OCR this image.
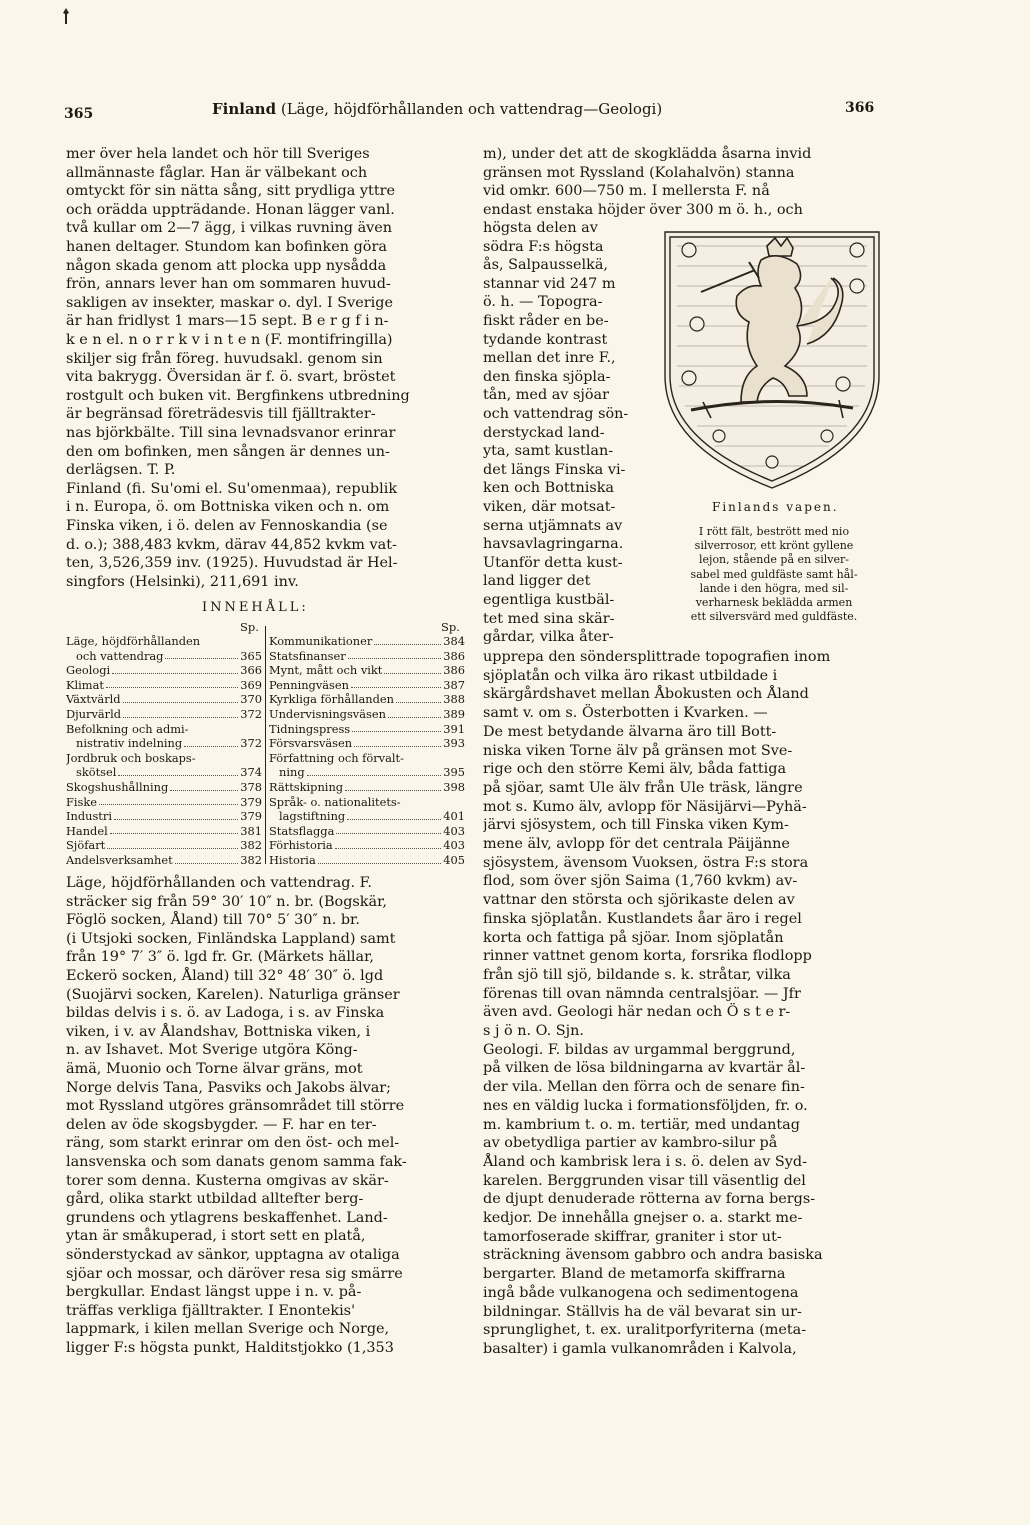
365	Finland (Läge, höjdförhållanden och vattendrag—Geologi)	366
mer över hela landet och hör till Sveriges
allmännaste fåglar. Han är välbekant och
omtyckt för sin nätta sång, sitt prydliga yttre
och orädda uppträdande. Honan lägger vanl.
två kullar om 2—7 ägg, i vilkas ruvning även
hanen deltager. Stundom kan bofinken göra
någon skada genom att plocka upp nysådda
frön, annars lever han om sommaren huvud-
sakligen av insekter, maskar o. dyl. I Sverige
är han fridlyst 1 mars—15 sept. B e r g f i n-
k e n el. n o r r k v i n t e n (F. montifringilla)
skiljer sig från föreg. huvudsakl. genom sin
vita bakrygg. Översidan är f. ö. svart, bröstet
rostgult och buken vit. Bergfinkens utbredning
är begränsad företrädesvis till fjälltrakter-
nas björkbälte. Till sina levnadsvanor erinrar
den om bofinken, men sången är dennes un-
derlägsen. T. P.
Finland (fi. Su'omi el. Su'omenmaa), republik
i n. Europa, ö. om Bottniska viken och n. om
Finska viken, i ö. delen av Fennoskandia (se
d. o.); 388,483 kvkm, därav 44,852 kvkm vat-
ten, 3,526,359 inv. (1925). Huvudstad är Hel-
singfors (Helsinki), 211,691 inv.
INNEHÅLL:
Sp.	Sp.
Läge, höjdförhållanden
och vattendrag	365
Geologi	366
Klimat	369
Växtvärld	370
Djurvärld	372
Befolkning och admi-
nistrativ indelning	372
Jordbruk och boskaps-
skötsel	374
Skogshushållning	378
Fiske	379
Industri	379
Handel	381
Sjöfart	382
Andelsverksamhet	382
Kommunikationer	384
Statsfinanser	386
Mynt, mått och vikt	386
Penningväsen	387
Kyrkliga förhållanden	388
Undervisningsväsen	389
Tidningspress	391
Försvarsväsen	393
Författning och förvalt-
ning	395
Rättskipning	398
Språk- o. nationalitets-
lagstiftning	401
Statsflagga	403
Förhistoria	403
Historia	405
Läge, höjdförhållanden och vattendrag. F.
sträcker sig från 59° 30′ 10″ n. br. (Bogskär,
Föglö socken, Åland) till 70° 5′ 30″ n. br.
(i Utsjoki socken, Finländska Lappland) samt
från 19° 7′ 3″ ö. lgd fr. Gr. (Märkets hällar,
Eckerö socken, Åland) till 32° 48′ 30″ ö. lgd
(Suojärvi socken, Karelen). Naturliga gränser
bildas delvis i s. ö. av Ladoga, i s. av Finska
viken, i v. av Ålandshav, Bottniska viken, i
n. av Ishavet. Mot Sverige utgöra Köng-
ämä, Muonio och Torne älvar gräns, mot
Norge delvis Tana, Pasviks och Jakobs älvar;
mot Ryssland utgöres gränsområdet till större
delen av öde skogsbygder. — F. har en ter-
räng, som starkt erinrar om den öst- och mel-
lansvenska och som danats genom samma fak-
torer som denna. Kusterna omgivas av skär-
gård, olika starkt utbildad alltefter berg-
grundens och ytlagrens beskaffenhet. Land-
ytan är småkuperad, i stort sett en platå,
sönderstyckad av sänkor, upptagna av otaliga
sjöar och mossar, och däröver resa sig smärre
bergkullar. Endast längst uppe i n. v. på-
träffas verkliga fjälltrakter. I Enontekis'
lappmark, i kilen mellan Sverige och Norge,
ligger F:s högsta punkt, Halditstjokko (1,353
m), under det att de skogklädda åsarna invid
gränsen mot Ryssland (Kolahalvön) stanna
vid omkr. 600—750 m. I mellersta F. nå
endast enstaka höjder över 300 m ö. h., och
högsta delen av
södra F:s högsta
ås, Salpausselkä,
stannar vid 247 m
ö. h. — Topogra-
fiskt råder en be-
tydande kontrast
mellan det inre F.,
den finska sjöpla-
tån, med av sjöar
och vattendrag sön-
derstyckad land-
yta, samt kustlan-
det längs Finska vi-
ken och Bottniska
viken, där motsat-
serna utjämnats av
havsavlagringarna.
Utanför detta kust-
land ligger det
egentliga kustbäl-
tet med sina skär-
gårdar, vilka åter-
upprepa den söndersplittrade topografien inom
sjöplatån och vilka äro rikast utbildade i
skärgårdshavet mellan Åbokusten och Åland
samt v. om s. Österbotten i Kvarken. —
De mest betydande älvarna äro till Bott-
niska viken Torne älv på gränsen mot Sve-
rige och den större Kemi älv, båda fattiga
på sjöar, samt Ule älv från Ule träsk, längre
mot s. Kumo älv, avlopp för Näsijärvi—Pyhä-
järvi sjösystem, och till Finska viken Kym-
mene älv, avlopp för det centrala Päijänne
sjösystem, ävensom Vuoksen, östra F:s stora
flod, som över sjön Saima (1,760 kvkm) av-
vattnar den största och sjörikaste delen av
finska sjöplatån. Kustlandets åar äro i regel
korta och fattiga på sjöar. Inom sjöplatån
rinner vattnet genom korta, forsrika flodlopp
från sjö till sjö, bildande s. k. stråtar, vilka
förenas till ovan nämnda centralsjöar. — Jfr
även avd. Geologi här nedan och Ö s t e r-
s j ö n. O. Sjn.
Geologi. F. bildas av urgammal berggrund,
på vilken de lösa bildningarna av kvartär ål-
der vila. Mellan den förra och de senare fin-
nes en väldig lucka i formationsföljden, fr. o.
m. kambrium t. o. m. tertiär, med undantag
av obetydliga partier av kambro-silur på
Åland och kambrisk lera i s. ö. delen av Syd-
karelen. Berggrunden visar till väsentlig del
de djupt denuderade rötterna av forna bergs-
kedjor. De innehålla gnejser o. a. starkt me-
tamorfoserade skiffrar, graniter i stor ut-
sträckning ävensom gabbro och andra basiska
bergarter. Bland de metamorfa skiffrarna
ingå både vulkanogena och sedimentogena
bildningar. Ställvis ha de väl bevarat sin ur-
sprunglighet, t. ex. uralitporfyriterna (meta-
basalter) i gamla vulkanområden i Kalvola,
Finlands vapen.
I rött fält, bestrött med nio
silverrosor, ett krönt gyllene
lejon, stående på en silver-
sabel med guldfäste samt hål-
lande i den högra, med sil-
verharnesk beklädda armen
ett silversvärd med guldfäste.
